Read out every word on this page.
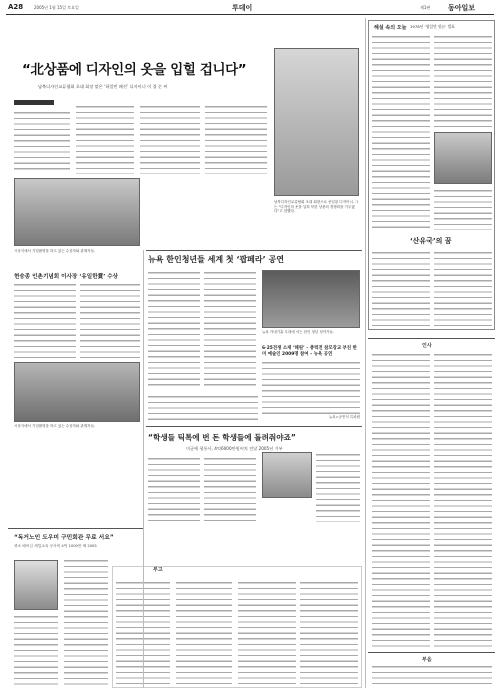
A28	2005년 1월 15일 토요일	투데이	제1판	동아일보
“北상품에 디자인의 옷을 입힐 겁니다”
남북디자인교류협회 초대 회장 맡은 ‘하얼빈 패션’ 디자이너 이 경 순 씨
남북디자인교류협회 초대 회장으로 선임된 디자이너. 그는 “디자인의 옷을 입혀 북한 상품의 경쟁력을 키우겠다”고 말했다.
시상식에서 기념촬영을 하고 있는 수상자와 관계자들.
현승종 인촌기념회 이사장 ‘유일한賞’ 수상
뉴욕 한인청년들 세계 첫 ‘팝페라’ 공연
뉴욕 카네기홀 무대에 서는 한인 청년 성악가들.
6·25전쟁 소재 ‘해원’ – 총력전 참모장교 부친 한미 예술인 2009명 참여 – 뉴욕 공연
뉴욕=공종식 특파원
시상식에서 기념촬영을 하고 있는 수상자와 관계자들.
“학생들 틱톡에 번 돈 학생들에 돌려줘야죠”
미군에 평통사, 4억6000만원어치 전달 2005년 기부
“독거노인 도우미 구민회관 무료 서요”
귀소 배씨심 세입교육 공사비 4억 1000만 예 2005
부고
해설 속의 오늘 1976년 ‘영일만 원유’ 발표
‘산유국’의 꿈
인사
부음
